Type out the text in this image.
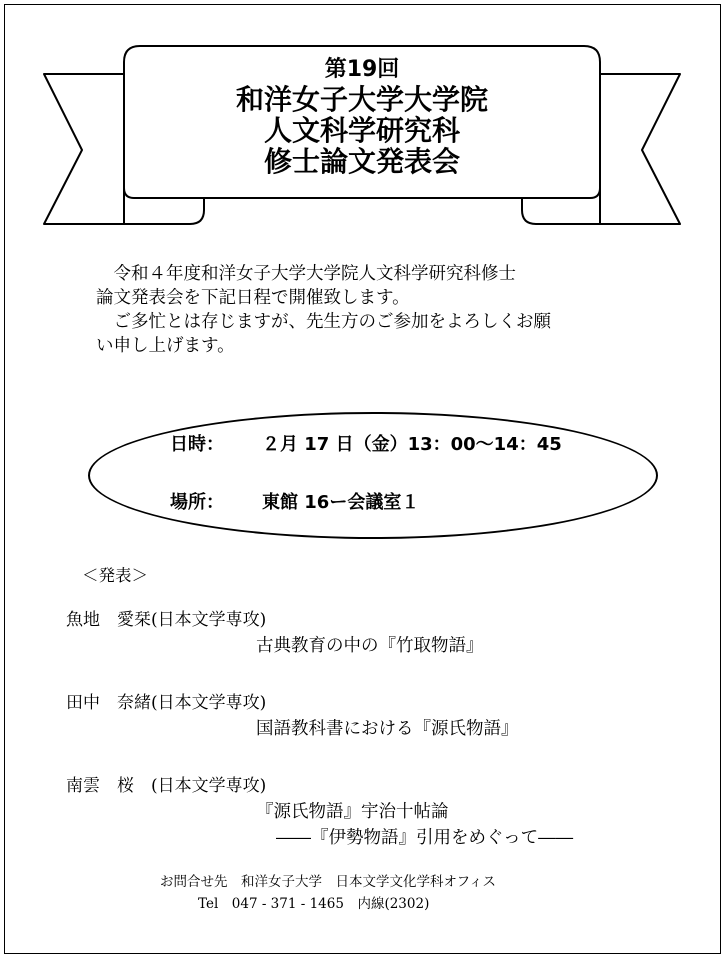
第19回
和洋女子大学大学院
人文科学研究科
修士論文発表会

　令和４年度和洋女子大学大学院人文科学研究科修士

論文発表会を下記日程で開催致します。

　ご多忙とは存じますが、先生方のご参加をよろしくお願

い申し上げます。

日時： ２月 17 日（金）13：00〜14：45
場所： 東館 16ー会議室１
＜発表＞
魚地　愛栞(日本文学専攻)
古典教育の中の『竹取物語』
田中　奈緒(日本文学専攻)
国語教科書における『源氏物語』
南雲　桜　(日本文学専攻)
『源氏物語』宇治十帖論
――『伊勢物語』引用をめぐって――
お問合せ先　和洋女子大学　日本文学文化学科オフィス
Tel　047 - 371 - 1465　内線(2302)
